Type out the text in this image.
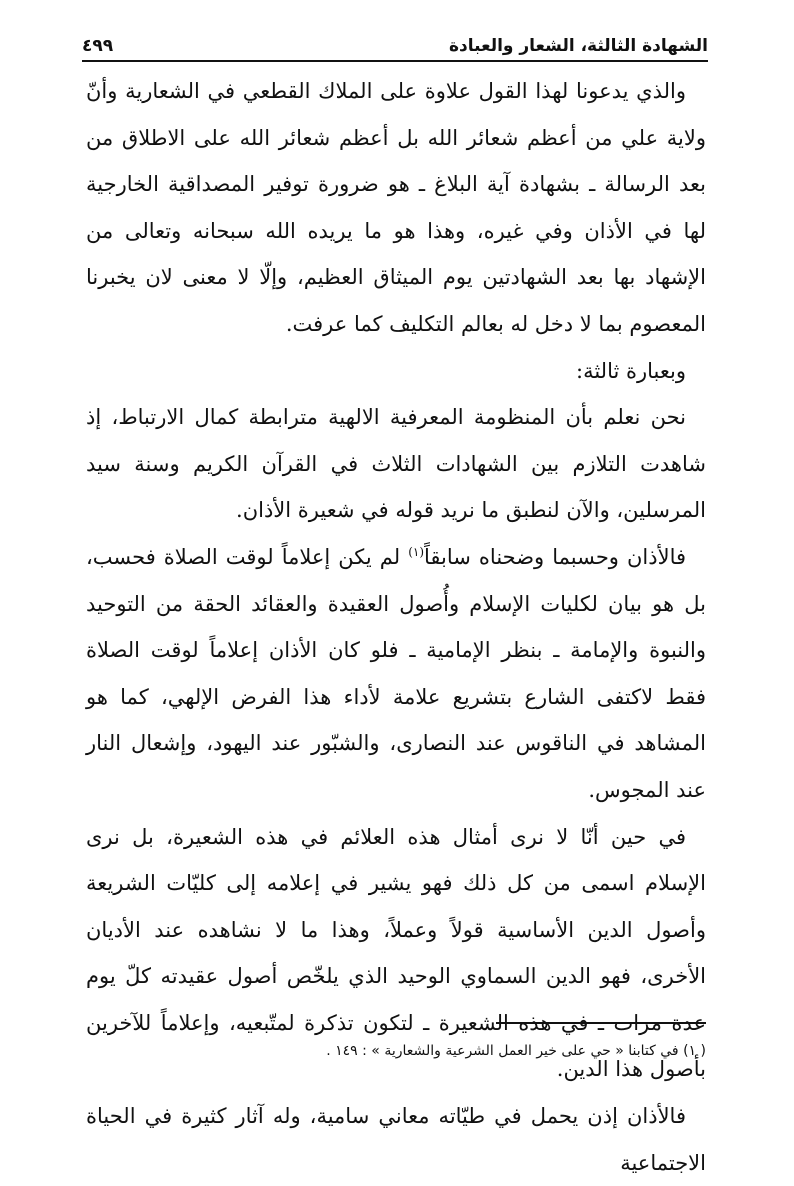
الشهادة الثالثة، الشعار والعبادة
٤٩٩

والذي يدعونا لهذا القول علاوة على الملاك القطعي في الشعارية وأنّ ولاية علي من أعظم شعائر الله بل أعظم شعائر الله على الاطلاق من بعد الرسالة ـ بشهادة آية البلاغ ـ هو ضرورة توفير المصداقية الخارجية لها في الأذان وفي غيره، وهذا هو ما يريده الله سبحانه وتعالى من الإشهاد بها بعد الشهادتين يوم الميثاق العظيم، وإلّا لا معنى لان يخبرنا المعصوم بما لا دخل له بعالم التكليف كما عرفت.

وبعبارة ثالثة:

نحن نعلم بأن المنظومة المعرفية الالهية مترابطة كمال الارتباط، إذ شاهدت التلازم بين الشهادات الثلاث في القرآن الكريم وسنة سيد المرسلين، والآن لنطبق ما نريد قوله في شعيرة الأذان.

فالأذان وحسبما وضحناه سابقاً$^{(١)}$ لم يكن إعلاماً لوقت الصلاة فحسب، بل هو بيان لكليات الإسلام وأُصول العقيدة والعقائد الحقة من التوحيد والنبوة والإمامة ـ بنظر الإمامية ـ فلو كان الأذان إعلاماً لوقت الصلاة فقط لاكتفى الشارع بتشريع علامة لأداء هذا الفرض الإلهي، كما هو المشاهد في الناقوس عند النصارى، والشبّور عند اليهود، وإشعال النار عند المجوس.

في حين أنّا لا نرى أمثال هذه العلائم في هذه الشعيرة، بل نرى الإسلام اسمى من كل ذلك فهو يشير في إعلامه إلى كليّات الشريعة وأصول الدين الأساسية قولاً وعملاً، وهذا ما لا نشاهده عند الأديان الأخرى، فهو الدين السماوي الوحيد الذي يلخّص أصول عقيدته كلّ يوم عدة مرات ـ في هذه الشعيرة ـ لتكون تذكرة لمتّبعيه، وإعلاماً للآخرين بأصول هذا الدين.

فالأذان إذن يحمل في طيّاته معاني سامية، وله آثار كثيرة في الحياة الاجتماعية

( ١) في كتابنا « حي على خير العمل الشرعية والشعارية » : ١٤٩ .
